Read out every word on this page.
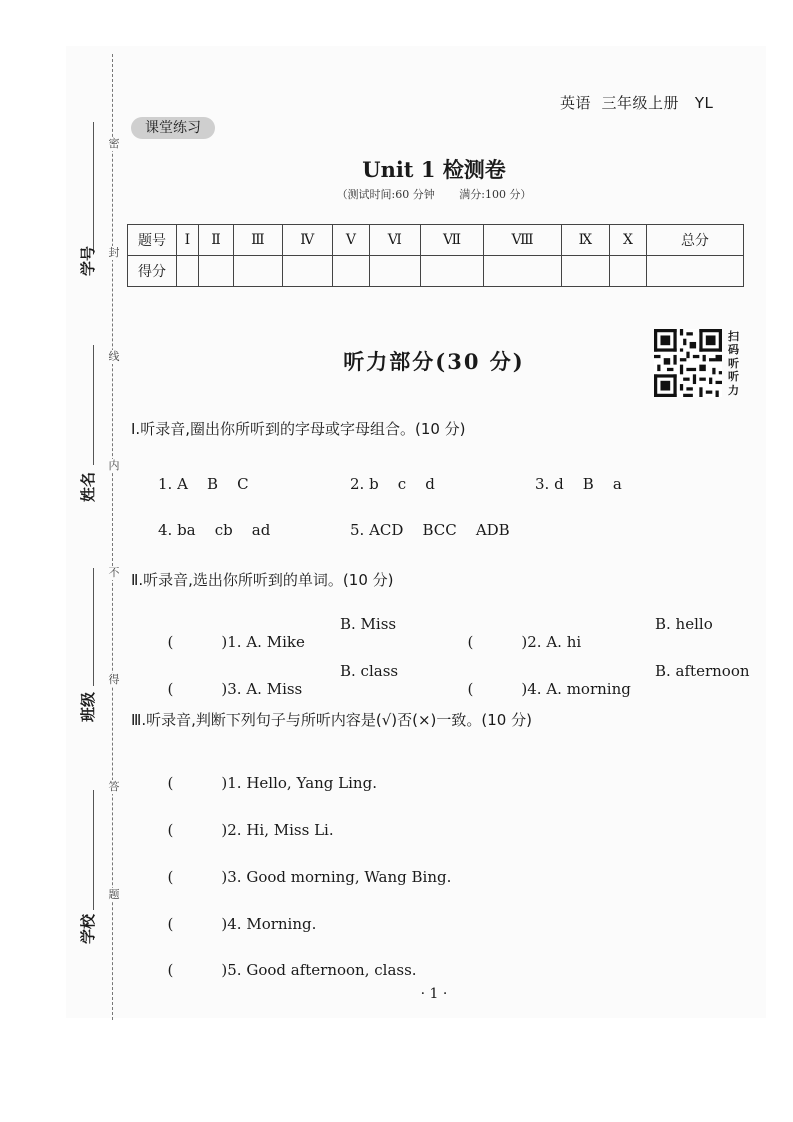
密
封
线
内
不
得
答
题
学号
姓名
班级
学校
英语  三年级上册   YL
课堂练习
Unit 1 检测卷
（测试时间:60 分钟       满分:100 分）
题号	Ⅰ	Ⅱ	Ⅲ	Ⅳ	Ⅴ	Ⅵ	Ⅶ	Ⅷ	Ⅸ	Ⅹ	总分
得分											
听力部分(30 分)
扫
码
听
听
力
Ⅰ.听录音,圈出你所听到的字母或字母组合。(10 分)
1. A    B    C	2. b    c    d	3. d    B    a
4. ba    cb    ad	5. ACD    BCC    ADB
Ⅱ.听录音,选出你所听到的单词。(10 分)

(	)1. A. Mike

B. Miss

(	)2. A. hi

B. hello

(	)3. A. Miss

B. class

(	)4. A. morning

B. afternoon
Ⅲ.听录音,判断下列句子与所听内容是(√)否(×)一致。(10 分)

(	)1. Hello, Yang Ling.

(	)2. Hi, Miss Li.

(	)3. Good morning, Wang Bing.

(	)4. Morning.

(	)5. Good afternoon, class.

· 1 ·
